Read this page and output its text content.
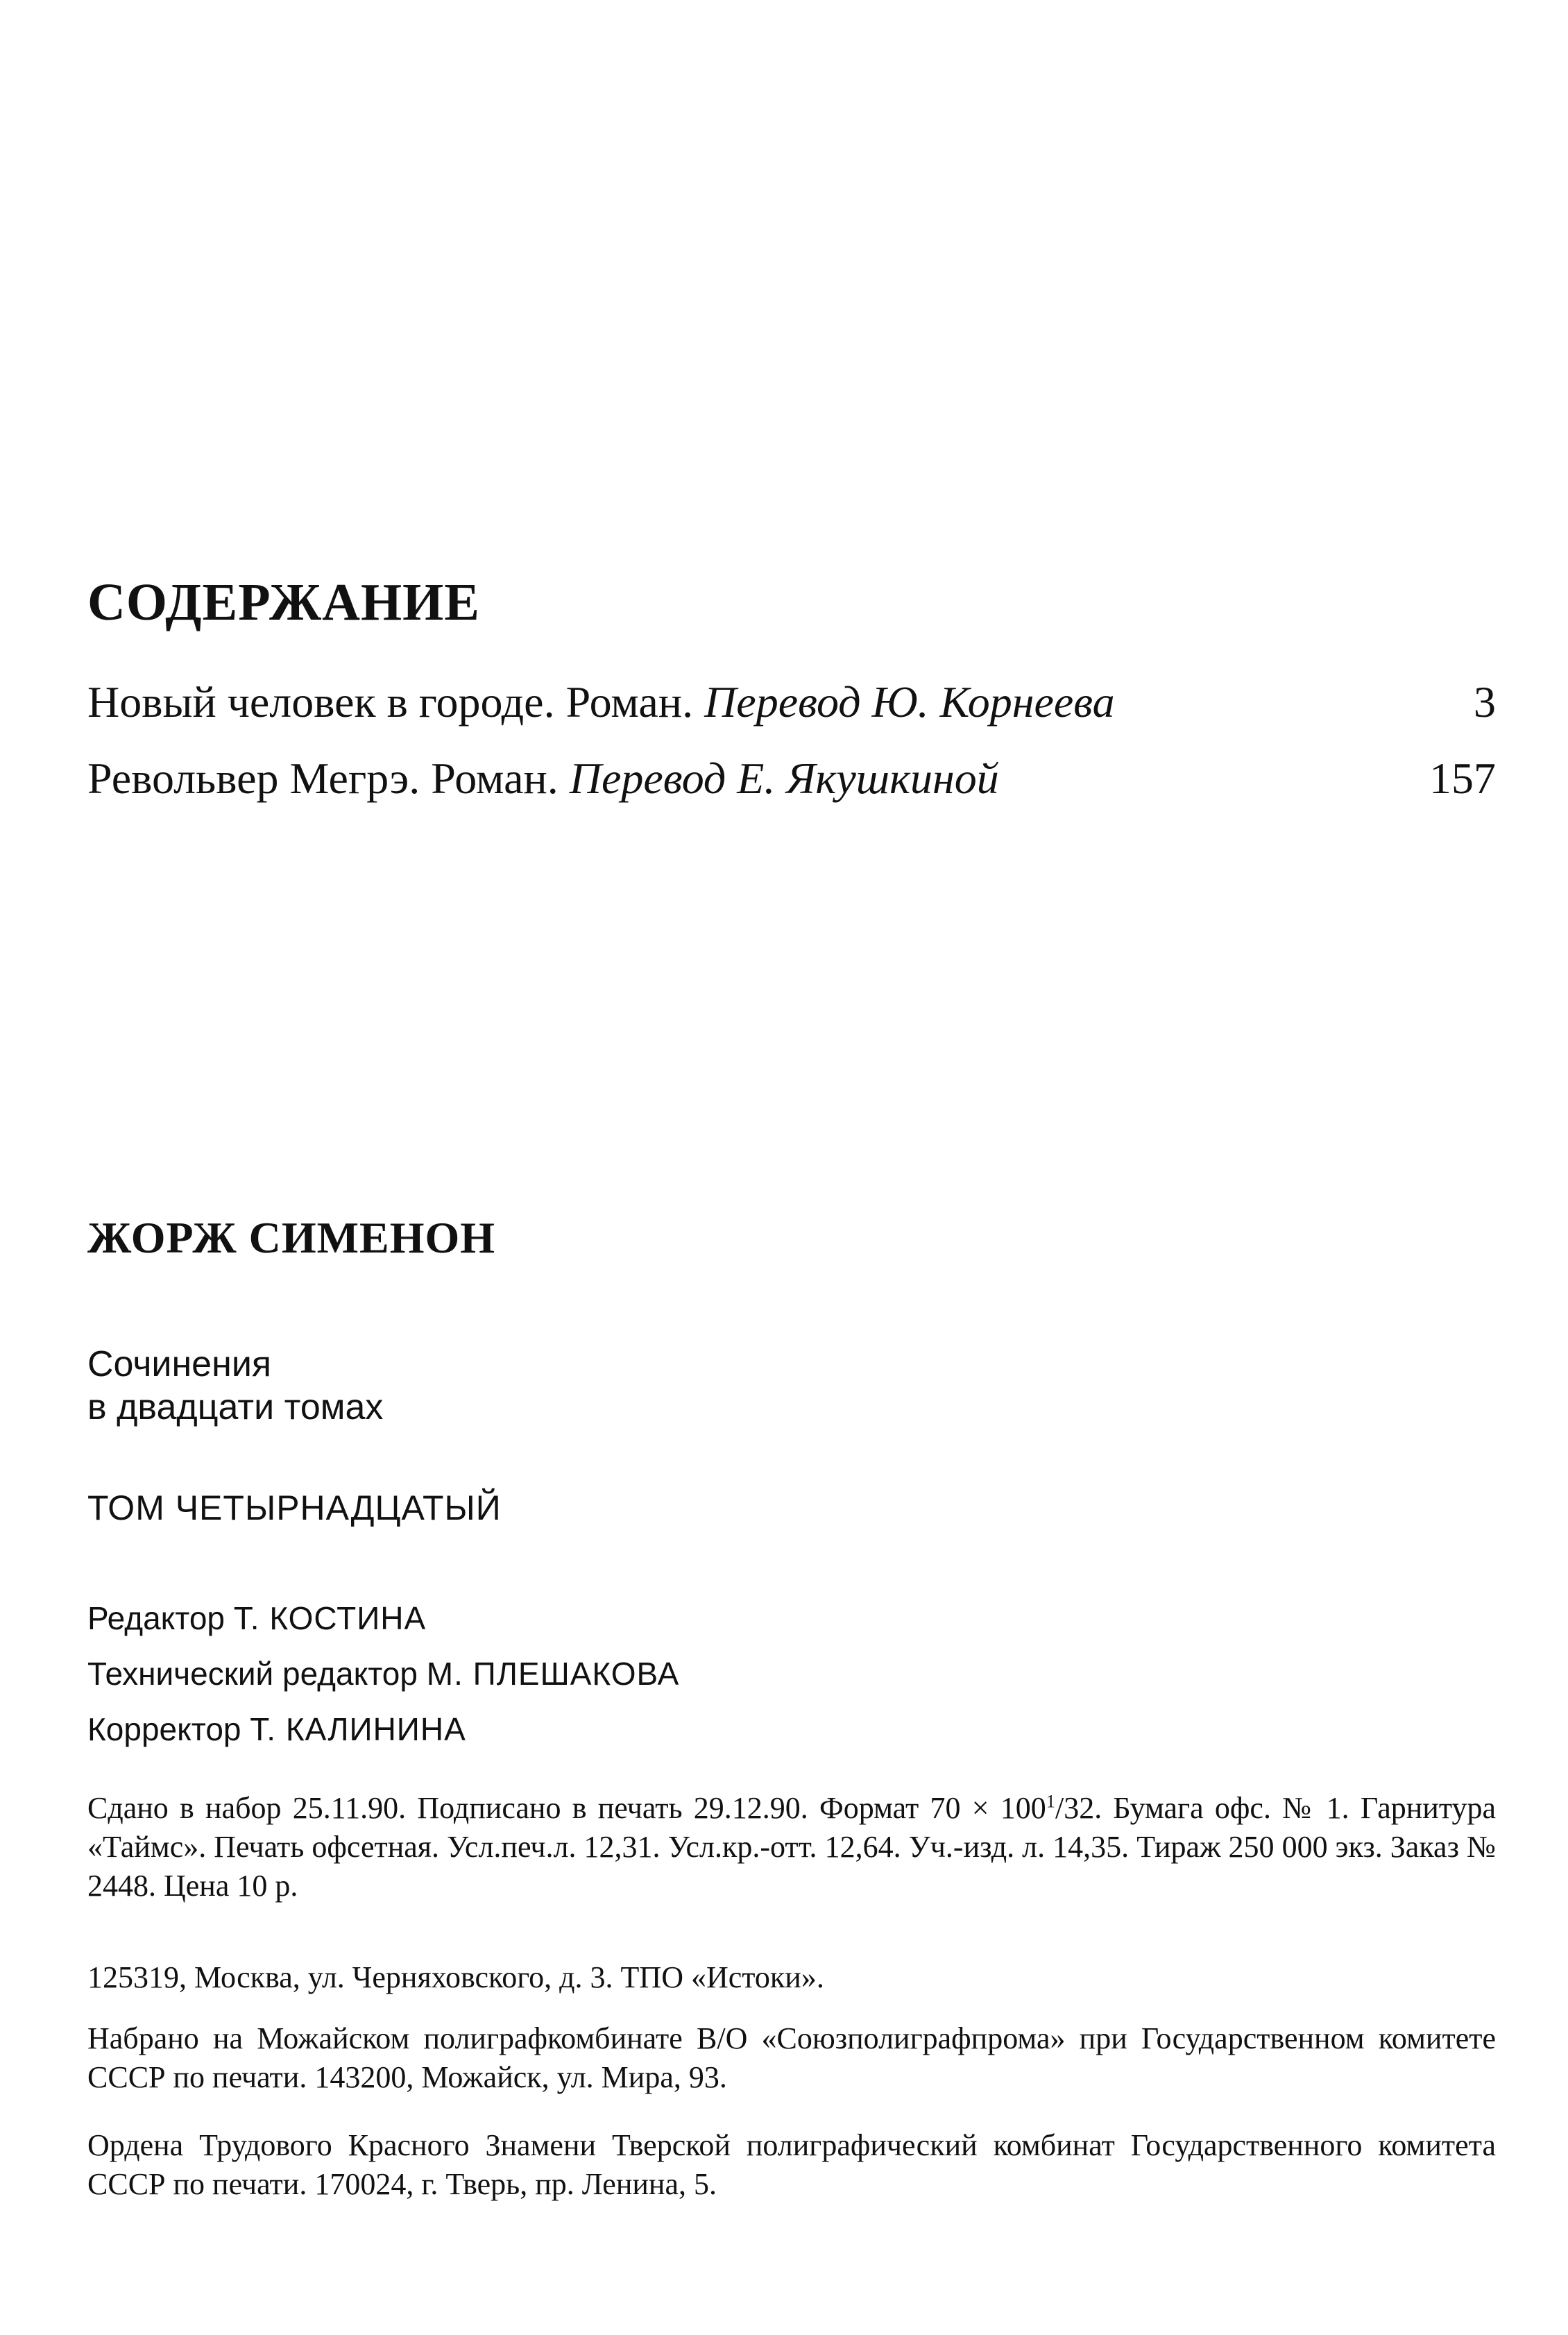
СОДЕРЖАНИЕ
Новый человек в городе. Роман. Перевод Ю. Корнеева	3
Револьвер Мегрэ. Роман. Перевод Е. Якушкиной	157
ЖОРЖ СИМЕНОН
Сочинения
в двадцати томах
ТОМ ЧЕТЫРНАДЦАТЫЙ
Редактор Т. КОСТИНА
Технический редактор М. ПЛЕШАКОВА
Корректор Т. КАЛИНИНА

Сдано в набор 25.11.90. Подписано в печать 29.12.90. Формат $70 \times 100^1/32$. Бумага офс. № 1. Гарнитура «Таймс». Печать офсетная. Усл.печ.л. 12,31. Усл.кр.-отт. 12,64. Уч.-изд. л. 14,35. Тираж 250 000 экз. Заказ № 2448. Цена 10 р.

125319, Москва, ул. Черняховского, д. 3. ТПО «Истоки».

Набрано на Можайском полиграфкомбинате В/О «Союзполиграфпрома» при Государственном комитете СССР по печати. 143200, Можайск, ул. Мира, 93.

Ордена Трудового Красного Знамени Тверской полиграфический комбинат Государственного комитета СССР по печати. 170024, г. Тверь, пр. Ленина, 5.
